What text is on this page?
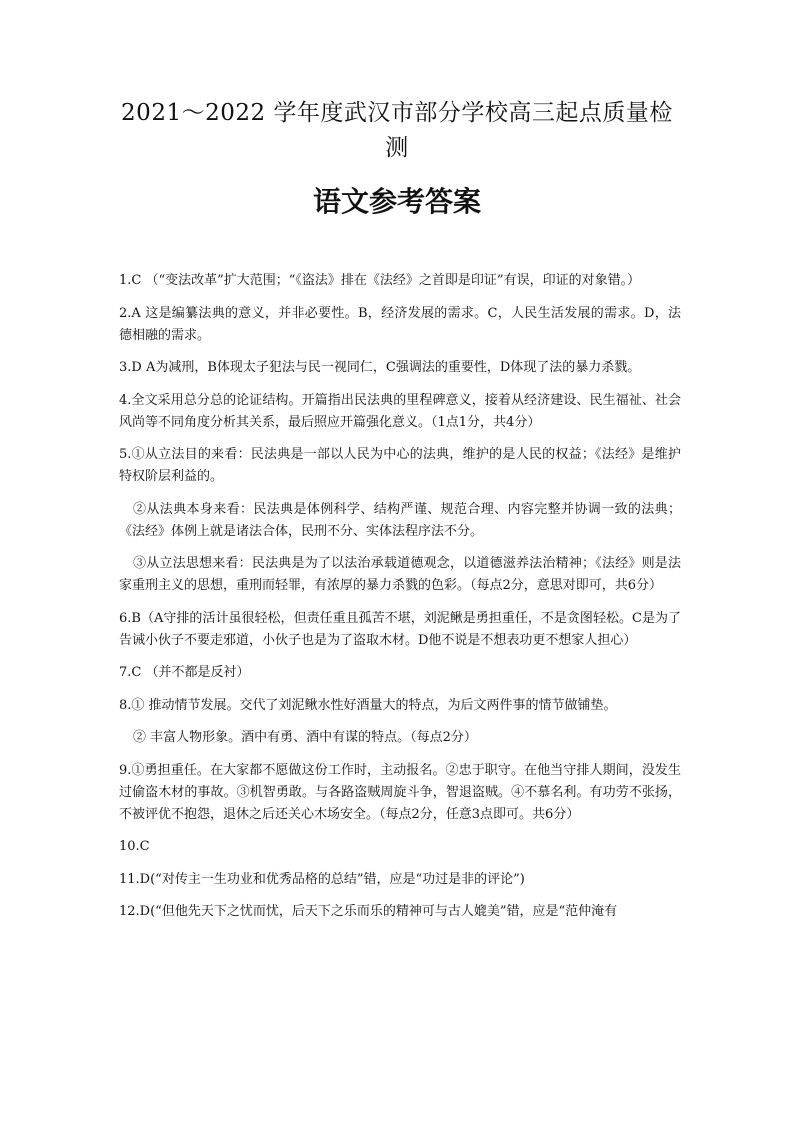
2021～2022 学年度武汉市部分学校高三起点质量检测
语文参考答案

1.C （“变法改革”扩大范围；“《盗法》排在《法经》之首即是印证”有误，印证的对象错。）

2.A 这是编纂法典的意义，并非必要性。B，经济发展的需求。C，人民生活发展的需求。D，法德相融的需求。

3.D A为减刑，B体现太子犯法与民一视同仁，C强调法的重要性，D体现了法的暴力杀戮。

4.全文采用总分总的论证结构。开篇指出民法典的里程碑意义，接着从经济建设、民生福祉、社会风尚等不同角度分析其关系，最后照应开篇强化意义。（1点1分，共4分）

5.①从立法目的来看：民法典是一部以人民为中心的法典，维护的是人民的权益；《法经》是维护特权阶层利益的。

②从法典本身来看：民法典是体例科学、结构严谨、规范合理、内容完整并协调一致的法典；《法经》体例上就是诸法合体，民刑不分、实体法程序法不分。

③从立法思想来看：民法典是为了以法治承载道德观念，以道德滋养法治精神；《法经》则是法家重刑主义的思想，重刑而轻罪，有浓厚的暴力杀戮的色彩。（每点2分，意思对即可，共6分）

6.B（A守排的活计虽很轻松，但责任重且孤苦不堪，刘泥鳅是勇担重任，不是贪图轻松。C是为了告诫小伙子不要走邪道，小伙子也是为了盗取木材。D他不说是不想表功更不想家人担心）

7.C （并不都是反衬）

8.① 推动情节发展。交代了刘泥鳅水性好酒量大的特点，为后文两件事的情节做铺垫。

② 丰富人物形象。酒中有勇、酒中有谋的特点。（每点2分）

9.①勇担重任。在大家都不愿做这份工作时，主动报名。②忠于职守。在他当守排人期间，没发生过偷盗木材的事故。③机智勇敢。与各路盗贼周旋斗争，智退盗贼。④不慕名利。有功劳不张扬，不被评优不抱怨，退休之后还关心木场安全。（每点2分，任意3点即可。共6分）

10.C

11.D(“对传主一生功业和优秀品格的总结”错，应是“功过是非的评论”)

12.D(“但他先天下之忧而忧，后天下之乐而乐的精神可与古人媲美”错，应是“范仲淹有
